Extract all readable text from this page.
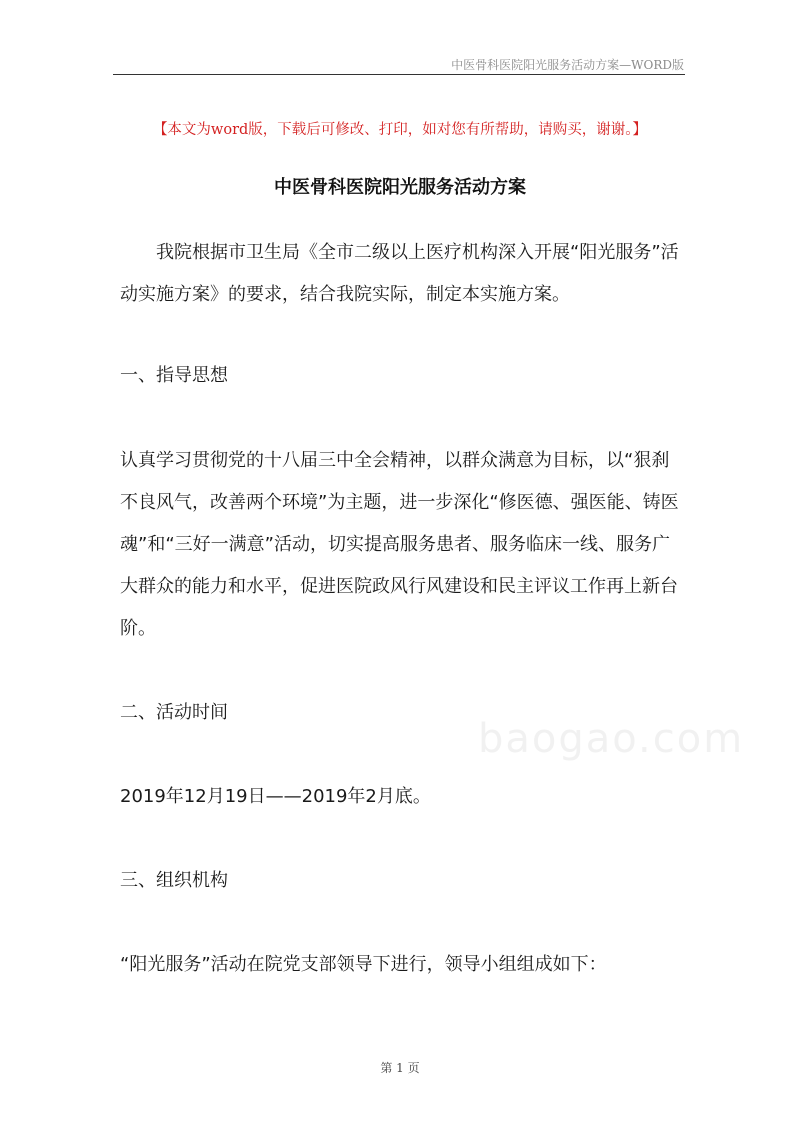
中医骨科医院阳光服务活动方案—WORD版
【本文为word版，下载后可修改、打印，如对您有所帮助，请购买，谢谢。】
中医骨科医院阳光服务活动方案

我院根据市卫生局《全市二级以上医疗机构深入开展“阳光服务”活动实施方案》的要求，结合我院实际，制定本实施方案。

一、指导思想

认真学习贯彻党的十八届三中全会精神，以群众满意为目标，以“狠刹不良风气，改善两个环境”为主题，进一步深化“修医德、强医能、铸医魂”和“三好一满意”活动，切实提高服务患者、服务临床一线、服务广大群众的能力和水平，促进医院政风行风建设和民主评议工作再上新台阶。

二、活动时间

2019年12月19日——2019年2月底。

三、组织机构

“阳光服务”活动在院党支部领导下进行，领导小组组成如下：

baogao.com
第 1 页
